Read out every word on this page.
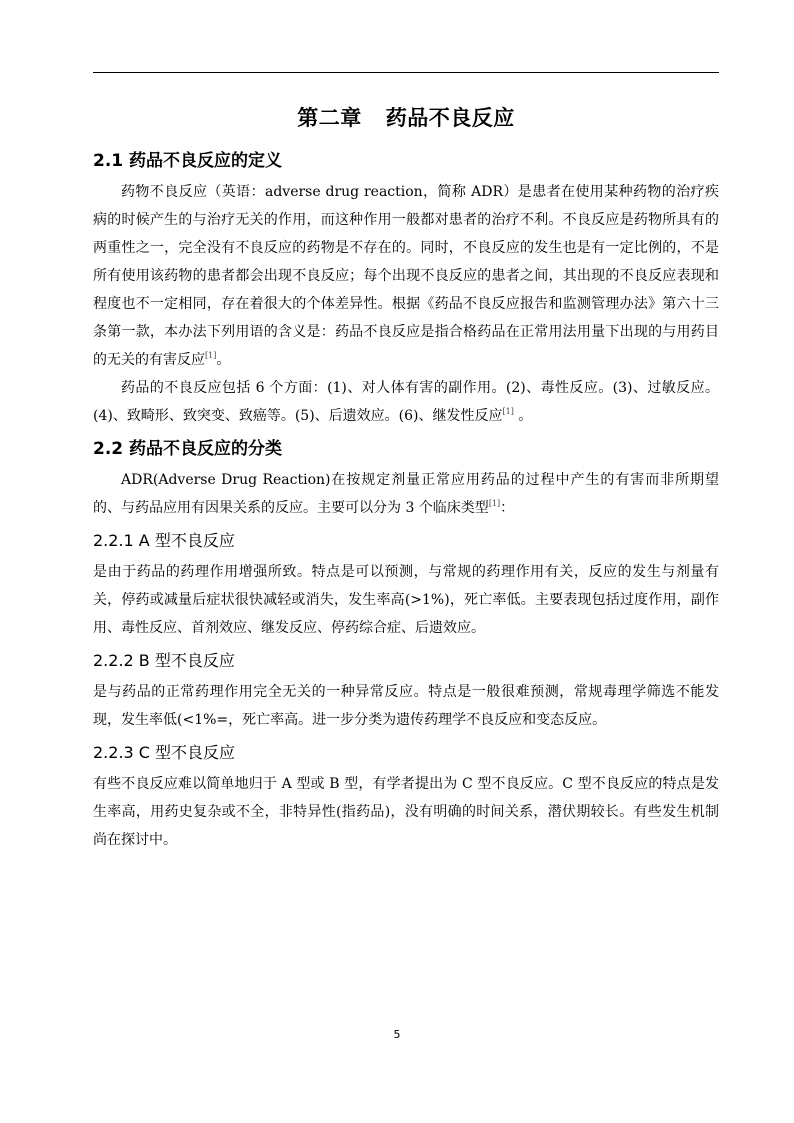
第二章 药品不良反应
2.1 药品不良反应的定义

药物不良反应（英语：adverse drug reaction，简称 ADR）是患者在使用某种药物的治疗疾病的时候产生的与治疗无关的作用，而这种作用一般都对患者的治疗不利。不良反应是药物所具有的两重性之一，完全没有不良反应的药物是不存在的。同时，不良反应的发生也是有一定比例的，不是所有使用该药物的患者都会出现不良反应；每个出现不良反应的患者之间，其出现的不良反应表现和程度也不一定相同，存在着很大的个体差异性。根据《药品不良反应报告和监测管理办法》第六十三条第一款，本办法下列用语的含义是：药品不良反应是指合格药品在正常用法用量下出现的与用药目的无关的有害反应[1]。

药品的不良反应包括 6 个方面：(1)、对人体有害的副作用。(2)、毒性反应。(3)、过敏反应。(4)、致畸形、致突变、致癌等。(5)、后遗效应。(6)、继发性反应[1] 。

2.2 药品不良反应的分类

ADR(Adverse Drug Reaction)在按规定剂量正常应用药品的过程中产生的有害而非所期望的、与药品应用有因果关系的反应。主要可以分为 3 个临床类型[1]：

2.2.1 A 型不良反应

是由于药品的药理作用增强所致。特点是可以预测，与常规的药理作用有关，反应的发生与剂量有关，停药或减量后症状很快减轻或消失，发生率高(>1%)，死亡率低。主要表现包括过度作用，副作用、毒性反应、首剂效应、继发反应、停药综合症、后遗效应。

2.2.2 B 型不良反应

是与药品的正常药理作用完全无关的一种异常反应。特点是一般很难预测，常规毒理学筛选不能发现，发生率低(<1%=，死亡率高。进一步分类为遗传药理学不良反应和变态反应。

2.2.3 C 型不良反应

有些不良反应难以简单地归于 A 型或 B 型，有学者提出为 C 型不良反应。C 型不良反应的特点是发生率高，用药史复杂或不全，非特异性(指药品)，没有明确的时间关系，潜伏期较长。有些发生机制尚在探讨中。

5
